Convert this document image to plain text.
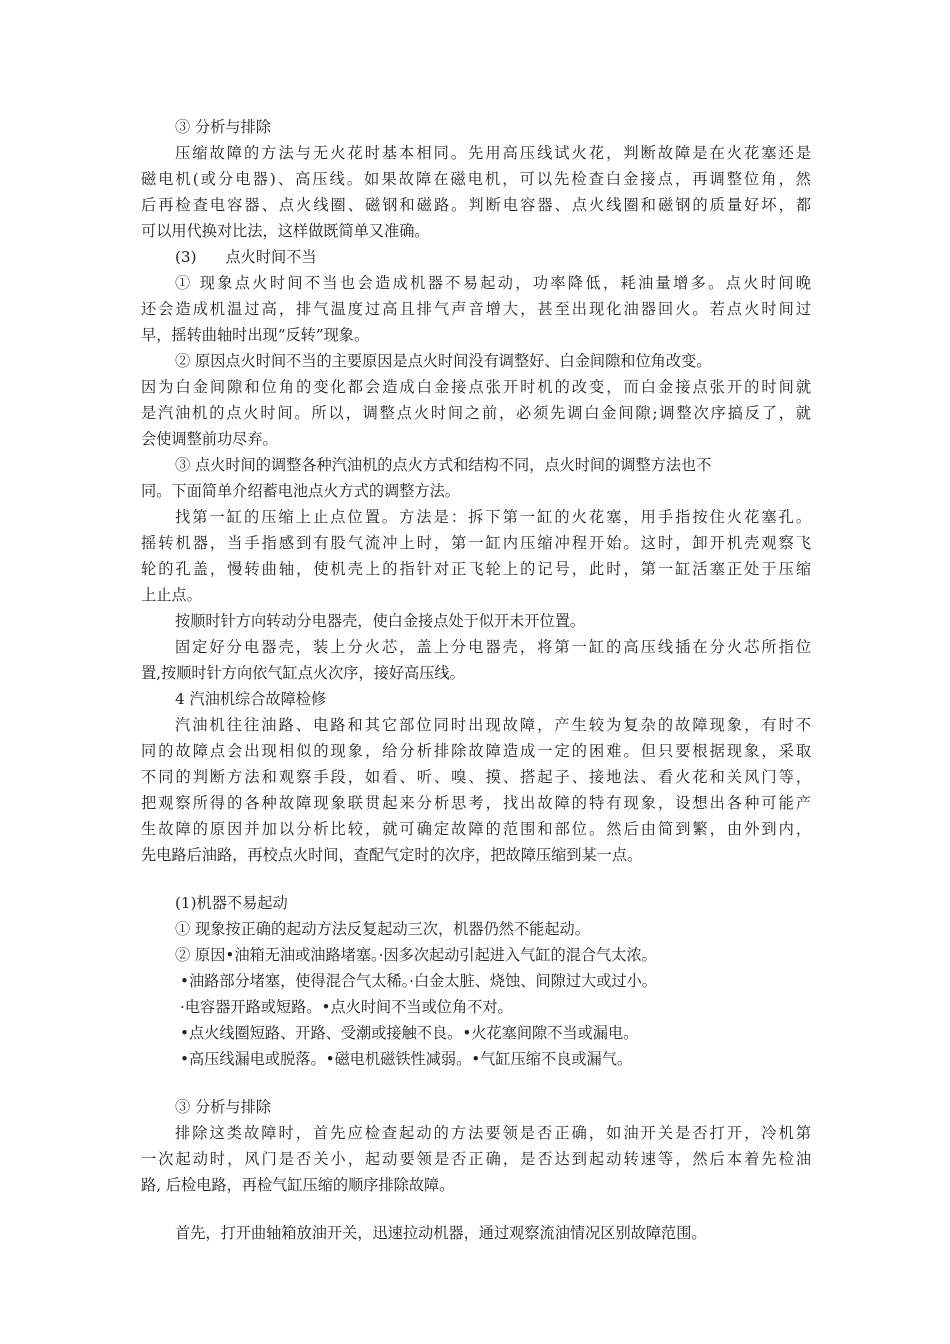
③ 分析与排除
压缩故障的方法与无火花时基本相同。先用高压线试火花，判断故障是在火花塞还是
磁电机(或分电器)、高压线。如果故障在磁电机，可以先检查白金接点，再调整位角，然
后再检查电容器、点火线圈、磁钢和磁路。判断电容器、点火线圈和磁钢的质量好坏，都
可以用代换对比法，这样做既简单又准确。
(3)      点火时间不当
① 现象点火时间不当也会造成机器不易起动，功率降低，耗油量增多。点火时间晚
还会造成机温过高，排气温度过高且排气声音增大，甚至出现化油器回火。若点火时间过
早，摇转曲轴时出现“反转”现象。
② 原因点火时间不当的主要原因是点火时间没有调整好、白金间隙和位角改变。
因为白金间隙和位角的变化都会造成白金接点张开时机的改变，而白金接点张开的时间就
是汽油机的点火时间。所以，调整点火时间之前，必须先调白金间隙;调整次序搞反了，就
会使调整前功尽弃。
③ 点火时间的调整各种汽油机的点火方式和结构不同，点火时间的调整方法也不
同。下面简单介绍蓄电池点火方式的调整方法。
找第一缸的压缩上止点位置。方法是：拆下第一缸的火花塞，用手指按住火花塞孔。
摇转机器，当手指感到有股气流冲上时，第一缸内压缩冲程开始。这时，卸开机壳观察飞
轮的孔盖，慢转曲轴，使机壳上的指针对正飞轮上的记号，此时，第一缸活塞正处于压缩
上止点。
按顺时针方向转动分电器壳，使白金接点处于似开未开位置。
固定好分电器壳，装上分火芯，盖上分电器壳，将第一缸的高压线插在分火芯所指位
置,按顺时针方向依气缸点火次序，接好高压线。
4 汽油机综合故障检修
汽油机往往油路、电路和其它部位同时出现故障，产生较为复杂的故障现象，有时不
同的故障点会出现相似的现象，给分析排除故障造成一定的困难。但只要根据现象，采取
不同的判断方法和观察手段，如看、听、嗅、摸、搭起子、接地法、看火花和关风门等，
把观察所得的各种故障现象联贯起来分析思考，找出故障的特有现象，设想出各种可能产
生故障的原因并加以分析比较，就可确定故障的范围和部位。然后由简到繁，由外到内，
先电路后油路，再校点火时间，查配气定时的次序，把故障压缩到某一点。
(1)机器不易起动
① 现象按正确的起动方法反复起动三次，机器仍然不能起动。
② 原因•油箱无油或油路堵塞。·因多次起动引起进入气缸的混合气太浓。
•油路部分堵塞，使得混合气太稀。·白金太脏、烧蚀、间隙过大或过小。
·电容器开路或短路。•点火时间不当或位角不对。
•点火线圈短路、开路、受潮或接触不良。•火花塞间隙不当或漏电。
•高压线漏电或脱落。•磁电机磁铁性减弱。•气缸压缩不良或漏气。
③ 分析与排除
排除这类故障时，首先应检查起动的方法要领是否正确，如油开关是否打开，冷机第
一次起动时，风门是否关小，起动要领是否正确，是否达到起动转速等，然后本着先检油
路, 后检电路，再检气缸压缩的顺序排除故障。
首先，打开曲轴箱放油开关，迅速拉动机器，通过观察流油情况区别故障范围。
